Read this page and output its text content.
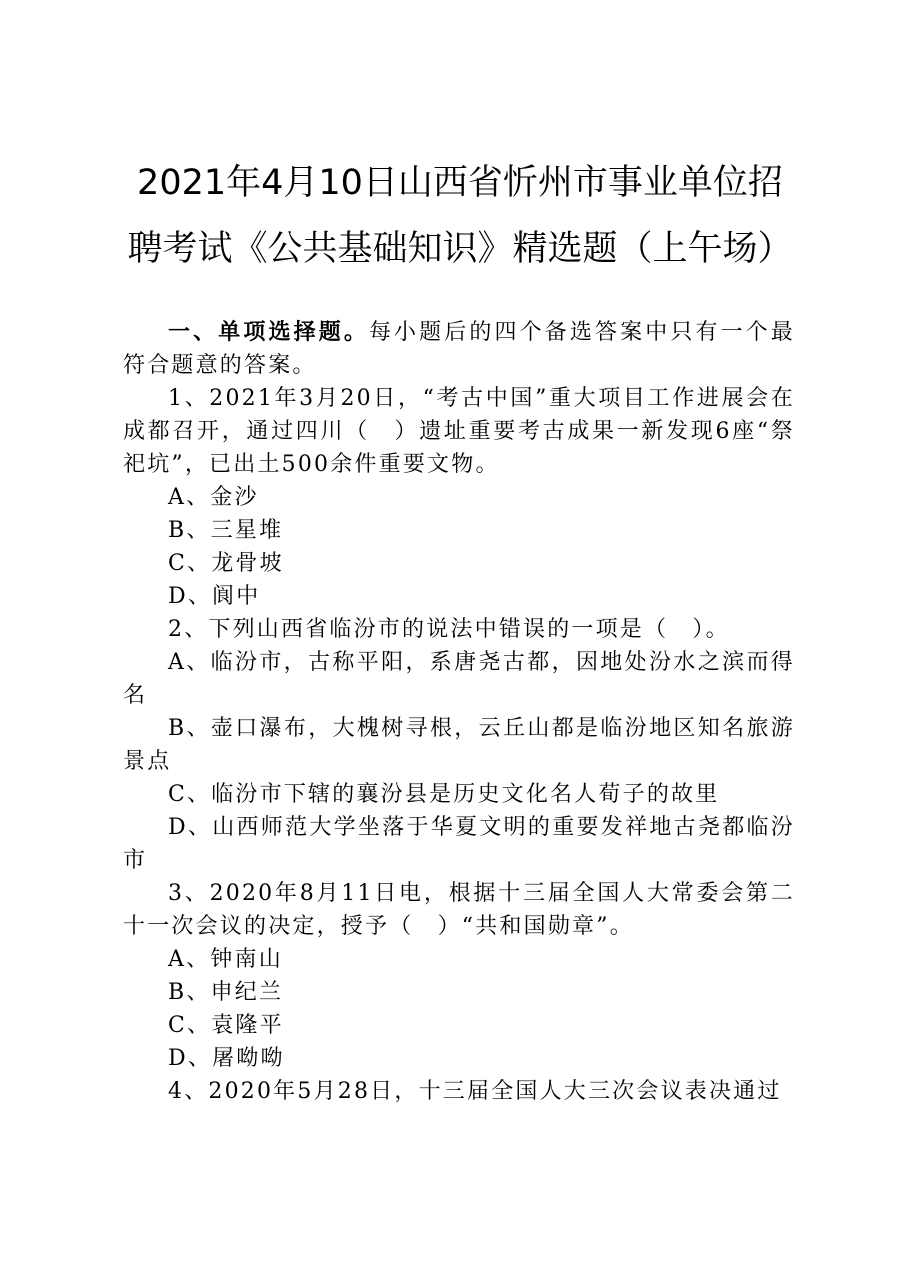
2021年4月10日山西省忻州市事业单位招
聘考试《公共基础知识》精选题（上午场）

一、单项选择题。每小题后的四个备选答案中只有一个最符合题意的答案。

1、2021年3月20日，“考古中国”重大项目工作进展会在成都召开，通过四川（　）遗址重要考古成果一新发现6座“祭祀坑”，已出土500余件重要文物。

A、金沙

B、三星堆

C、龙骨坡

D、阆中

2、下列山西省临汾市的说法中错误的一项是（　）。

A、临汾市，古称平阳，系唐尧古都，因地处汾水之滨而得名

B、壶口瀑布，大槐树寻根，云丘山都是临汾地区知名旅游景点

C、临汾市下辖的襄汾县是历史文化名人荀子的故里

D、山西师范大学坐落于华夏文明的重要发祥地古尧都临汾市

3、2020年8月11日电，根据十三届全国人大常委会第二十一次会议的决定，授予（　）“共和国勋章”。

A、钟南山

B、申纪兰

C、袁隆平

D、屠呦呦

4、2020年5月28日，十三届全国人大三次会议表决通过
